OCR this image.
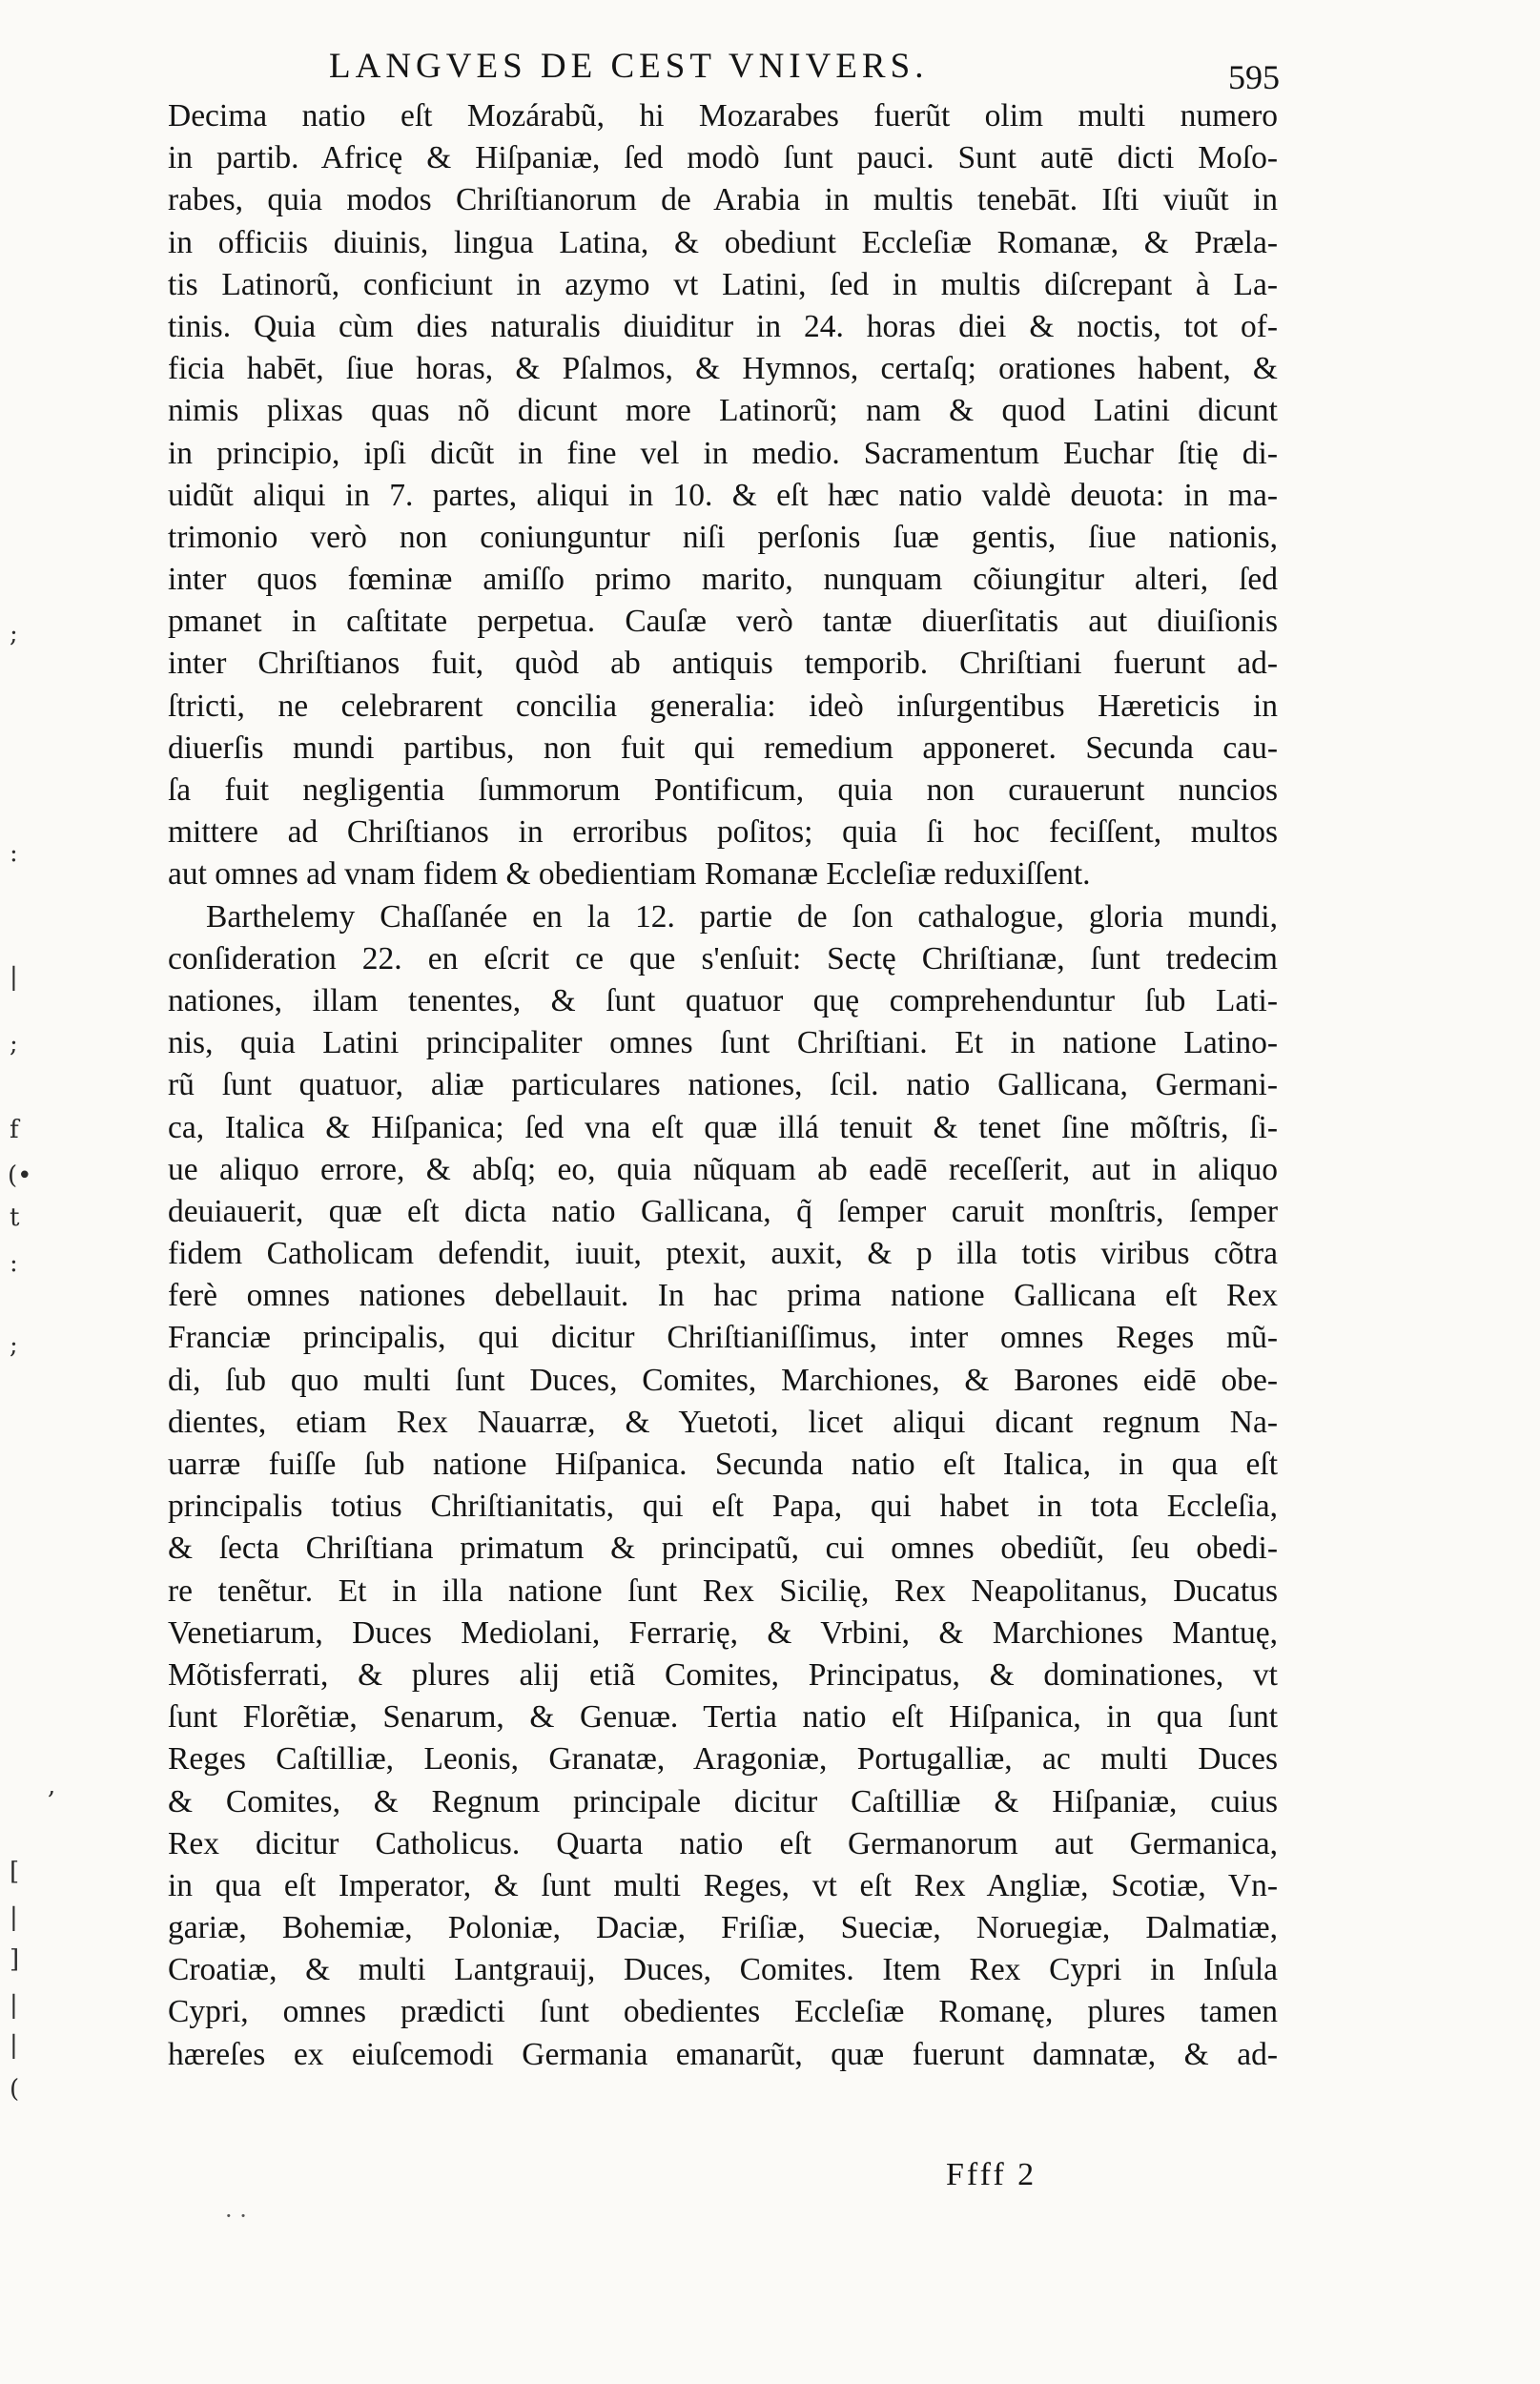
LANGVES DE CEST VNIVERS.	595
Decima natio eſt Mozárabũ, hi Mozarabes fuerũt olim multi numero
in partib. Africę & Hiſpaniæ, ſed modò ſunt pauci. Sunt autē dicti Moſo-
rabes, quia modos Chriſtianorum de Arabia in multis tenebāt. Iſti viuũt in
in officiis diuinis, lingua Latina, & obediunt Eccleſiæ Romanæ, & Præla-
tis Latinorũ, conficiunt in azymo vt Latini, ſed in multis diſcrepant à La-
tinis. Quia cùm dies naturalis diuiditur in 24. horas diei & noctis, tot of-
ficia habēt, ſiue horas, & Pſalmos, & Hymnos, certaſq; orationes habent, &
nimis plixas quas nõ dicunt more Latinorũ; nam & quod Latini dicunt
in principio, ipſi dicũt in fine vel in medio. Sacramentum Euchar ſtię di-
uidũt aliqui in 7. partes, aliqui in 10. & eſt hæc natio valdè deuota: in ma-
trimonio verò non coniunguntur niſi perſonis ſuæ gentis, ſiue nationis,
inter quos fœminæ amiſſo primo marito, nunquam cõiungitur alteri, ſed
pmanet in caſtitate perpetua. Cauſæ verò tantæ diuerſitatis aut diuiſionis
inter Chriſtianos fuit, quòd ab antiquis temporib. Chriſtiani fuerunt ad-
ſtricti, ne celebrarent concilia generalia: ideò inſurgentibus Hæreticis in
diuerſis mundi partibus, non fuit qui remedium apponeret. Secunda cau-
ſa fuit negligentia ſummorum Pontificum, quia non curauerunt nuncios
mittere ad Chriſtianos in erroribus poſitos; quia ſi hoc feciſſent, multos
aut omnes ad vnam fidem & obedientiam Romanæ Eccleſiæ reduxiſſent.
Barthelemy Chaſſanée en la 12. partie de ſon cathalogue, gloria mundi,
conſideration 22. en eſcrit ce que s'enſuit: Sectę Chriſtianæ, ſunt tredecim
nationes, illam tenentes, & ſunt quatuor quę comprehenduntur ſub Lati-
nis, quia Latini principaliter omnes ſunt Chriſtiani. Et in natione Latino-
rũ ſunt quatuor, aliæ particulares nationes, ſcil. natio Gallicana, Germani-
ca, Italica & Hiſpanica; ſed vna eſt quæ illá tenuit & tenet ſine mõſtris, ſi-
ue aliquo errore, & abſq; eo, quia nũquam ab eadē receſſerit, aut in aliquo
deuiauerit, quæ eſt dicta natio Gallicana, q̃ ſemper caruit monſtris, ſemper
fidem Catholicam defendit, iuuit, ptexit, auxit, & p illa totis viribus cõtra
ferè omnes nationes debellauit. In hac prima natione Gallicana eſt Rex
Franciæ principalis, qui dicitur Chriſtianiſſimus, inter omnes Reges mũ-
di, ſub quo multi ſunt Duces, Comites, Marchiones, & Barones eidē obe-
dientes, etiam Rex Nauarræ, & Yuetoti, licet aliqui dicant regnum Na-
uarræ fuiſſe ſub natione Hiſpanica. Secunda natio eſt Italica, in qua eſt
principalis totius Chriſtianitatis, qui eſt Papa, qui habet in tota Eccleſia,
& ſecta Chriſtiana primatum & principatũ, cui omnes obediũt, ſeu obedi-
re tenẽtur. Et in illa natione ſunt Rex Sicilię, Rex Neapolitanus, Ducatus
Venetiarum, Duces Mediolani, Ferrarię, & Vrbini, & Marchiones Mantuę,
Mõtisferrati, & plures alij etiã Comites, Principatus, & dominationes, vt
ſunt Florẽtiæ, Senarum, & Genuæ. Tertia natio eſt Hiſpanica, in qua ſunt
Reges Caſtilliæ, Leonis, Granatæ, Aragoniæ, Portugalliæ, ac multi Duces
& Comites, & Regnum principale dicitur Caſtilliæ & Hiſpaniæ, cuius
Rex dicitur Catholicus. Quarta natio eſt Germanorum aut Germanica,
in qua eſt Imperator, & ſunt multi Reges, vt eſt Rex Angliæ, Scotiæ, Vn-
gariæ, Bohemiæ, Poloniæ, Daciæ, Friſiæ, Sueciæ, Noruegiæ, Dalmatiæ,
Croatiæ, & multi Lantgrauij, Duces, Comites. Item Rex Cypri in Inſula
Cypri, omnes prædicti ſunt obedientes Eccleſiæ Romanę, plures tamen
hæreſes ex eiuſcemodi Germania emanarũt, quæ fuerunt damnatæ, & ad-
;
:
|
;
f
(•
t
:
;
,
[
|
]
|
|
(
Ffff 2
· ·
